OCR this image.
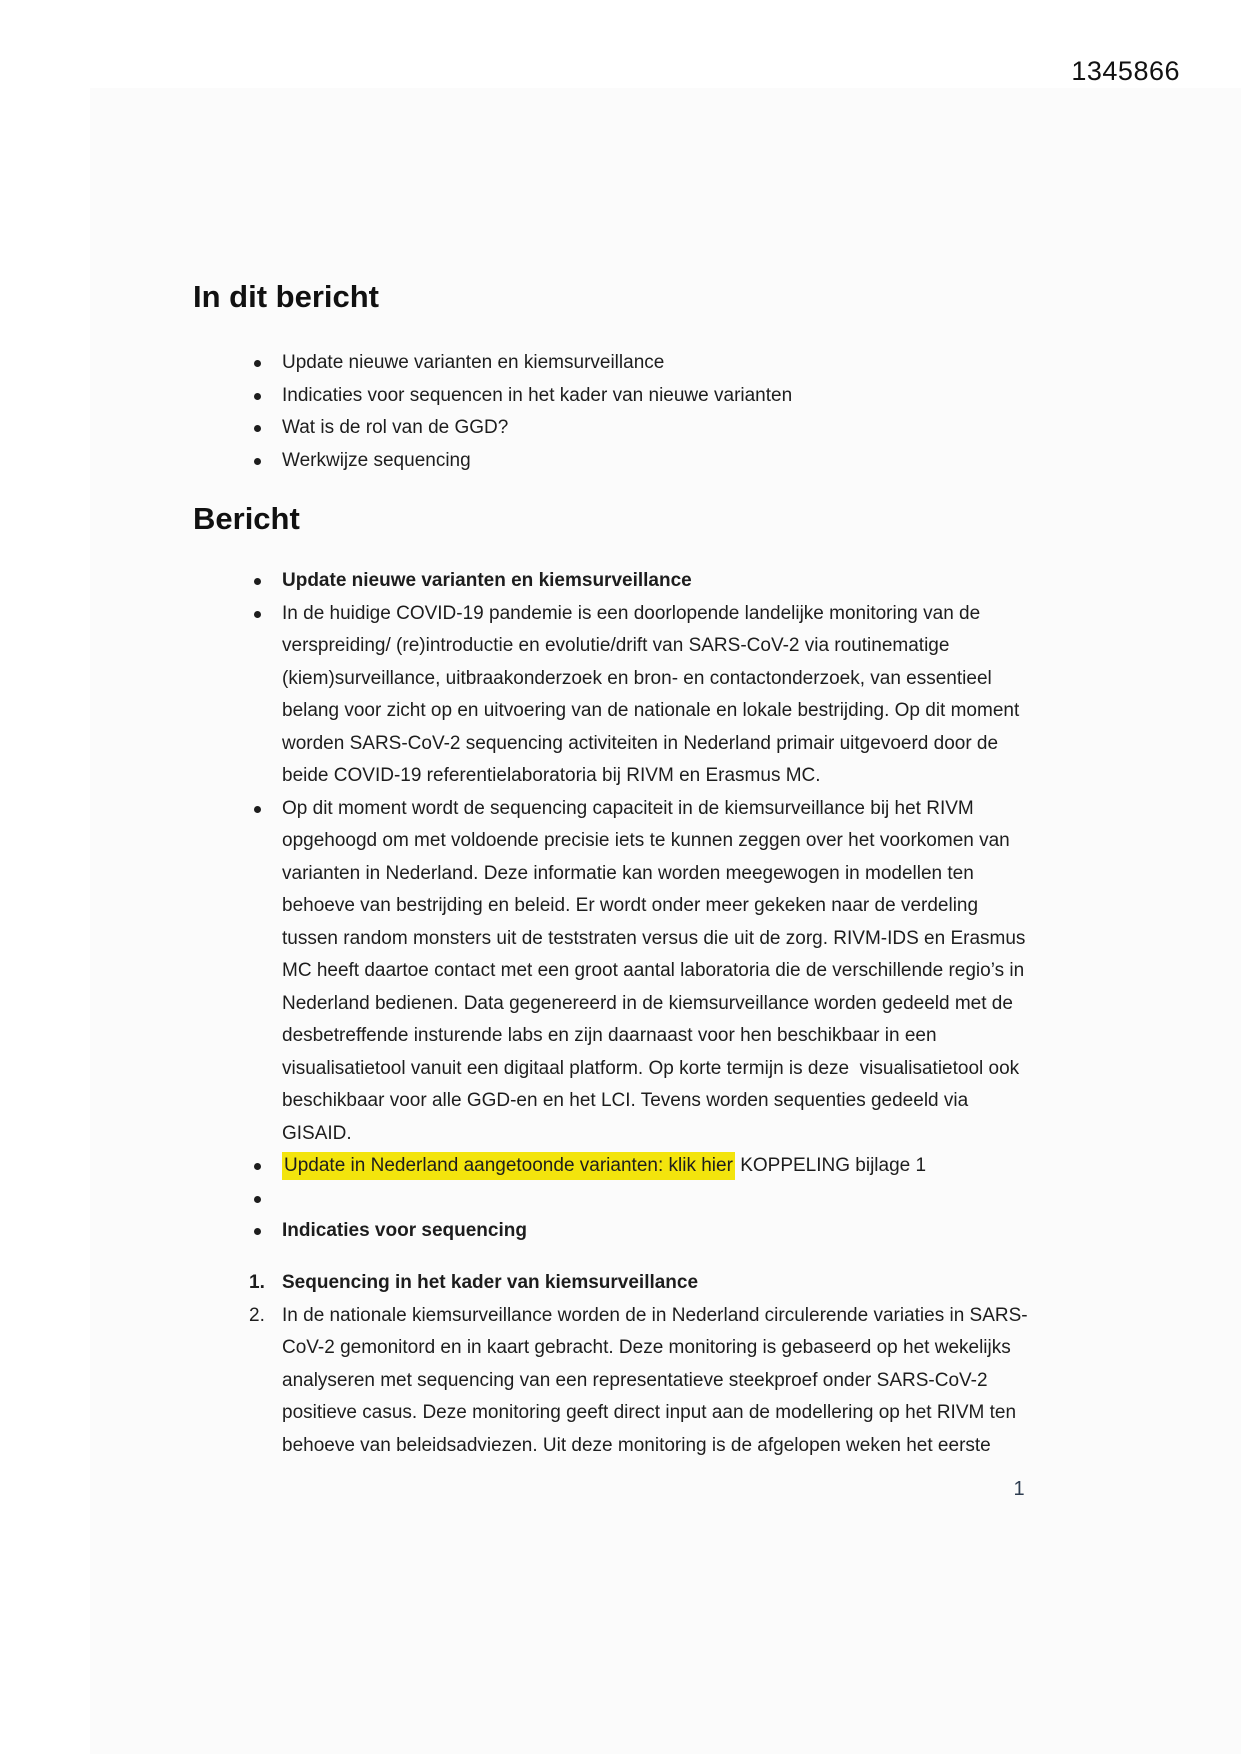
1345866
In dit bericht
Update nieuwe varianten en kiemsurveillance
Indicaties voor sequencen in het kader van nieuwe varianten
Wat is de rol van de GGD?
Werkwijze sequencing
Bericht
Update nieuwe varianten en kiemsurveillance
In de huidige COVID-19 pandemie is een doorlopende landelijke monitoring van de
verspreiding/ (re)introductie en evolutie/drift van SARS-CoV-2 via routinematige
(kiem)surveillance, uitbraakonderzoek en bron- en contactonderzoek, van essentieel
belang voor zicht op en uitvoering van de nationale en lokale bestrijding. Op dit moment
worden SARS-CoV-2 sequencing activiteiten in Nederland primair uitgevoerd door de
beide COVID-19 referentielaboratoria bij RIVM en Erasmus MC.
Op dit moment wordt de sequencing capaciteit in de kiemsurveillance bij het RIVM
opgehoogd om met voldoende precisie iets te kunnen zeggen over het voorkomen van
varianten in Nederland. Deze informatie kan worden meegewogen in modellen ten
behoeve van bestrijding en beleid. Er wordt onder meer gekeken naar de verdeling
tussen random monsters uit de teststraten versus die uit de zorg. RIVM-IDS en Erasmus
MC heeft daartoe contact met een groot aantal laboratoria die de verschillende regio’s in
Nederland bedienen. Data gegenereerd in de kiemsurveillance worden gedeeld met de
desbetreffende insturende labs en zijn daarnaast voor hen beschikbaar in een
visualisatietool vanuit een digitaal platform. Op korte termijn is deze  visualisatietool ook
beschikbaar voor alle GGD-en en het LCI. Tevens worden sequenties gedeeld via
GISAID.
Update in Nederland aangetoonde varianten: klik hier KOPPELING bijlage 1
Indicaties voor sequencing
1. Sequencing in het kader van kiemsurveillance
2. In de nationale kiemsurveillance worden de in Nederland circulerende variaties in SARS-
CoV-2 gemonitord en in kaart gebracht. Deze monitoring is gebaseerd op het wekelijks
analyseren met sequencing van een representatieve steekproef onder SARS-CoV-2
positieve casus. Deze monitoring geeft direct input aan de modellering op het RIVM ten
behoeve van beleidsadviezen. Uit deze monitoring is de afgelopen weken het eerste
1
